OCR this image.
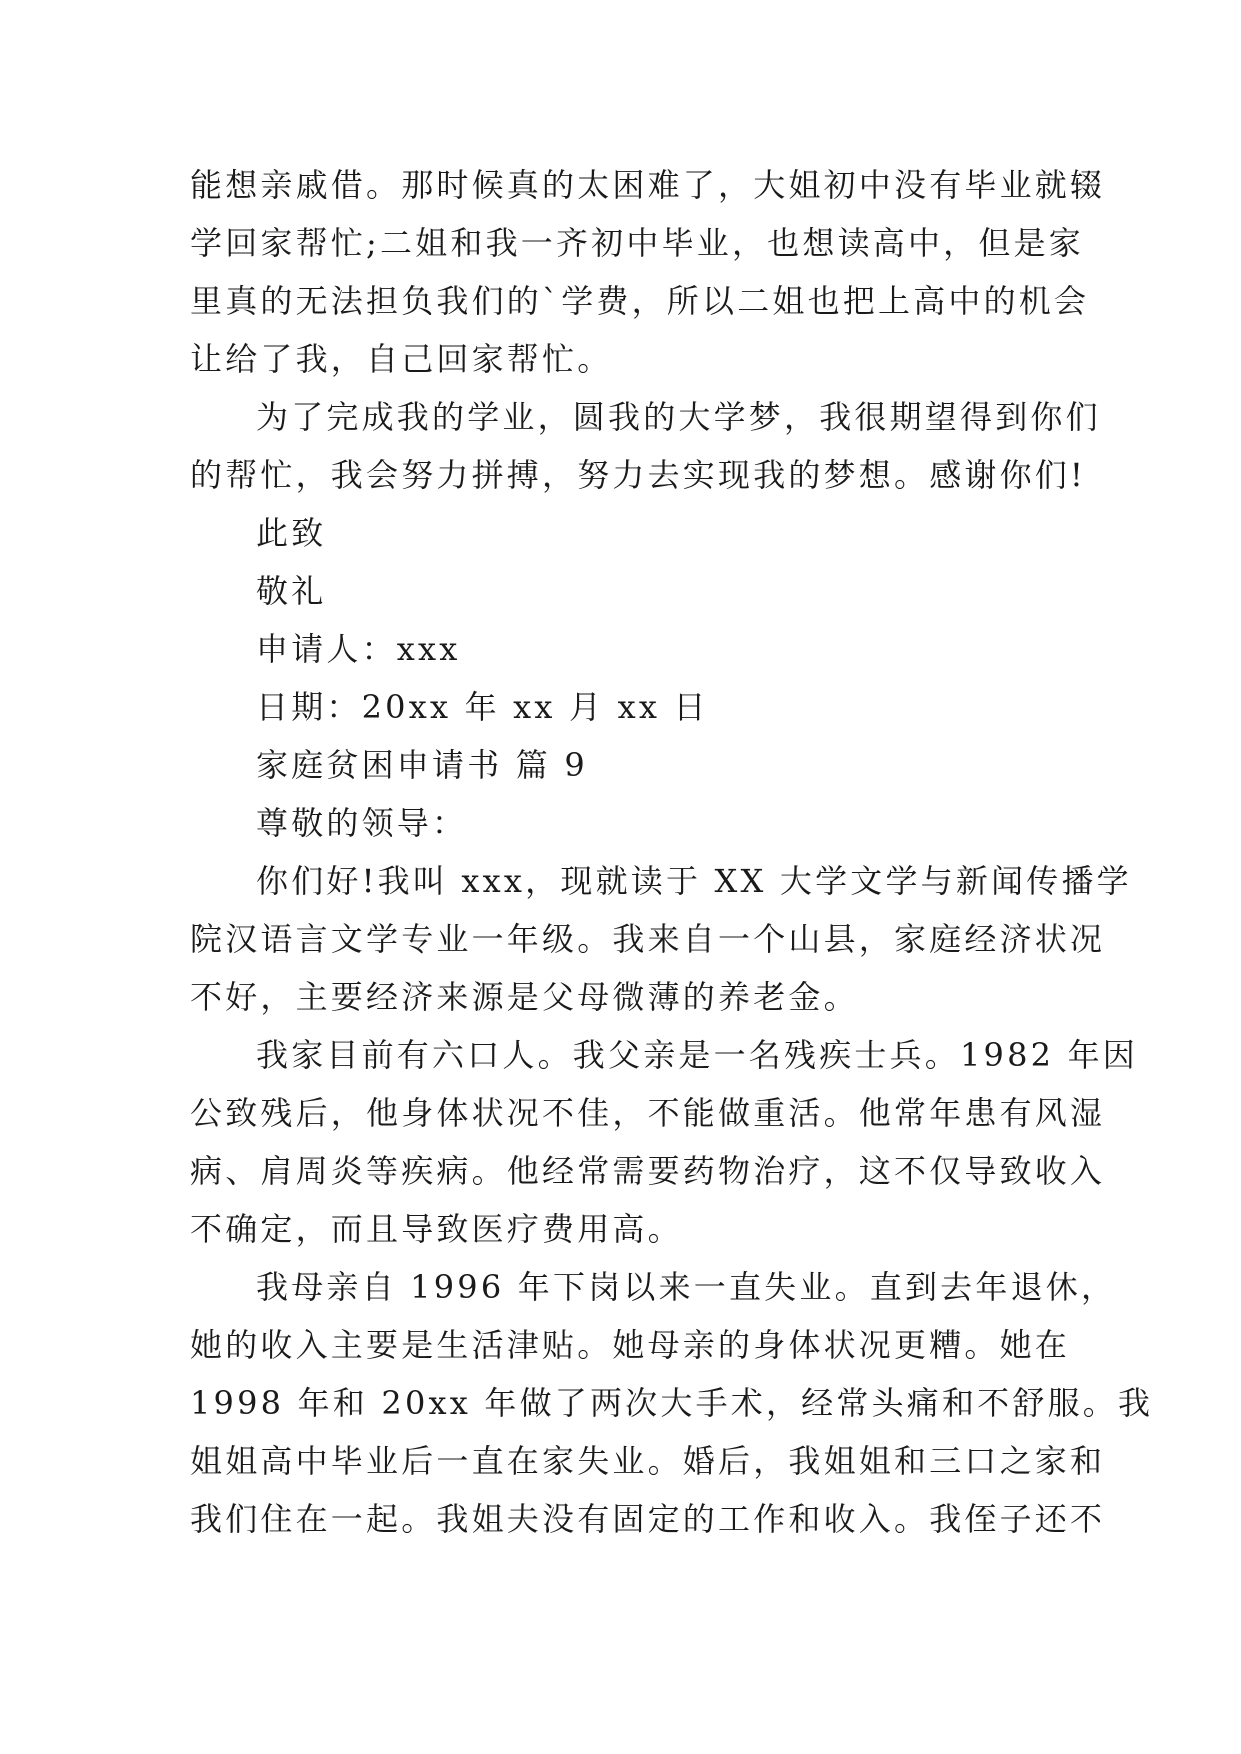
能想亲戚借。那时候真的太困难了，大姐初中没有毕业就辍
学回家帮忙;二姐和我一齐初中毕业，也想读高中，但是家
里真的无法担负我们的`学费，所以二姐也把上高中的机会
让给了我，自己回家帮忙。
为了完成我的学业，圆我的大学梦，我很期望得到你们
的帮忙，我会努力拼搏，努力去实现我的梦想。感谢你们!
此致
敬礼
申请人：xxx
日期：20xx 年 xx 月 xx 日
家庭贫困申请书 篇 9
尊敬的领导：
你们好!我叫 xxx，现就读于 XX 大学文学与新闻传播学
院汉语言文学专业一年级。我来自一个山县，家庭经济状况
不好，主要经济来源是父母微薄的养老金。
我家目前有六口人。我父亲是一名残疾士兵。1982 年因
公致残后，他身体状况不佳，不能做重活。他常年患有风湿
病、肩周炎等疾病。他经常需要药物治疗，这不仅导致收入
不确定，而且导致医疗费用高。
我母亲自 1996 年下岗以来一直失业。直到去年退休，
她的收入主要是生活津贴。她母亲的身体状况更糟。她在
1998 年和 20xx 年做了两次大手术，经常头痛和不舒服。我
姐姐高中毕业后一直在家失业。婚后，我姐姐和三口之家和
我们住在一起。我姐夫没有固定的工作和收入。我侄子还不
